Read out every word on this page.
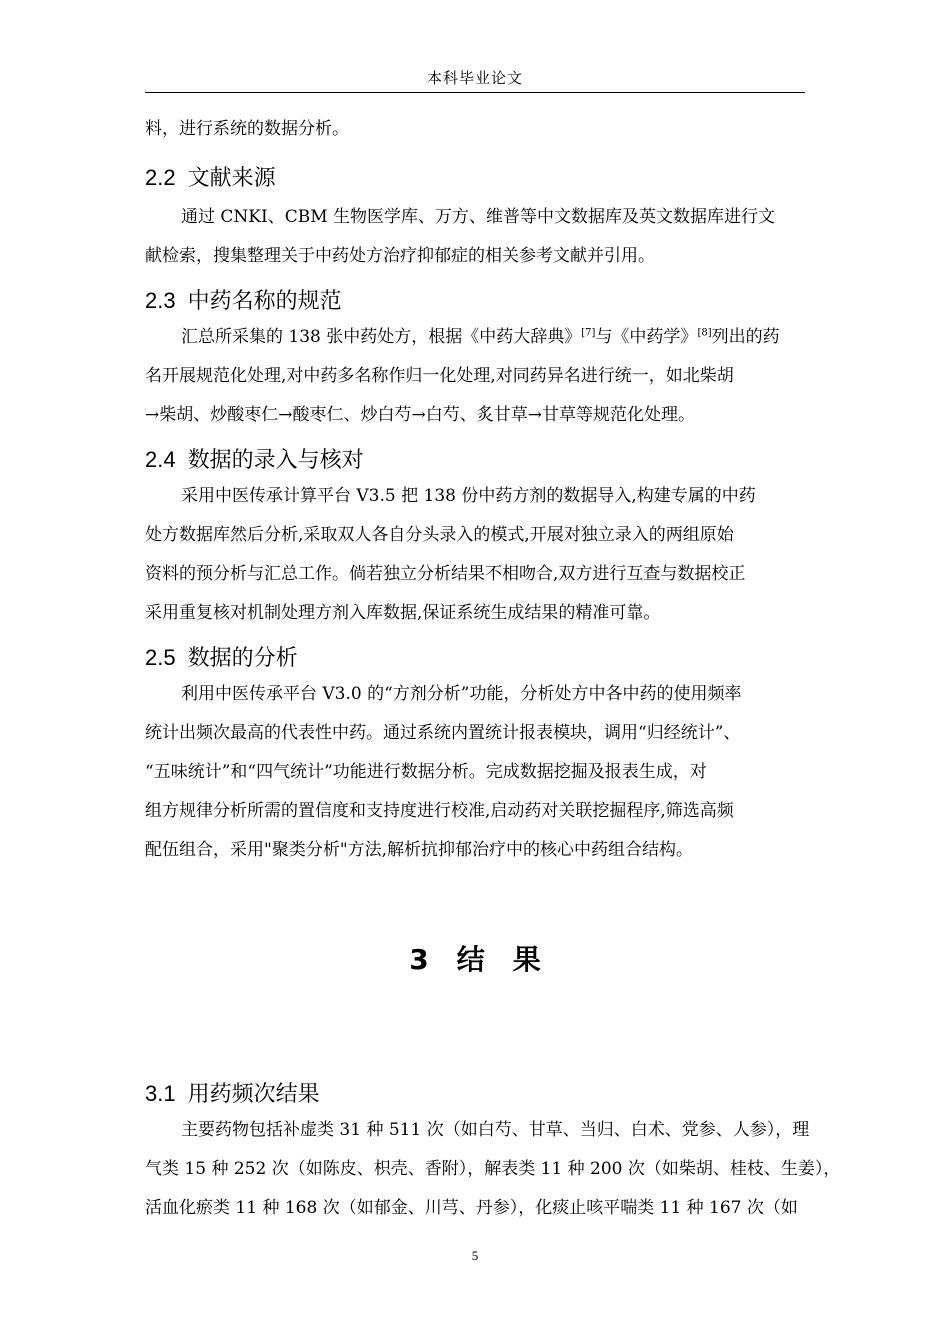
本科毕业论文
料，进行系统的数据分析。
2.2 文献来源
通过 CNKI、CBM 生物医学库、万方、维普等中文数据库及英文数据库进行文
献检索，搜集整理关于中药处方治疗抑郁症的相关参考文献并引用。
2.3 中药名称的规范
汇总所采集的 138 张中药处方，根据《中药大辞典》[7]与《中药学》[8]列出的药
名开展规范化处理,对中药多名称作归一化处理,对同药异名进行统一，如北柴胡
→柴胡、炒酸枣仁→酸枣仁、炒白芍→白芍、炙甘草→甘草等规范化处理。
2.4 数据的录入与核对
采用中医传承计算平台 V3.5 把 138 份中药方剂的数据导入,构建专属的中药
处方数据库然后分析,采取双人各自分头录入的模式,开展对独立录入的两组原始
资料的预分析与汇总工作。倘若独立分析结果不相吻合,双方进行互查与数据校正
采用重复核对机制处理方剂入库数据,保证系统生成结果的精准可靠。
2.5 数据的分析
利用中医传承平台 V3.0 的“方剂分析”功能，分析处方中各中药的使用频率
统计出频次最高的代表性中药。通过系统内置统计报表模块，调用“归经统计”、
“五味统计”和“四气统计”功能进行数据分析。完成数据挖掘及报表生成，对
组方规律分析所需的置信度和支持度进行校准,启动药对关联挖掘程序,筛选高频
配伍组合，采用"聚类分析"方法,解析抗抑郁治疗中的核心中药组合结构。
3 结 果
3.1 用药频次结果
主要药物包括补虚类 31 种 511 次（如白芍、甘草、当归、白术、党参、人参），理
气类 15 种 252 次（如陈皮、枳壳、香附），解表类 11 种 200 次（如柴胡、桂枝、生姜），
活血化瘀类 11 种 168 次（如郁金、川芎、丹参），化痰止咳平喘类 11 种 167 次（如
5
